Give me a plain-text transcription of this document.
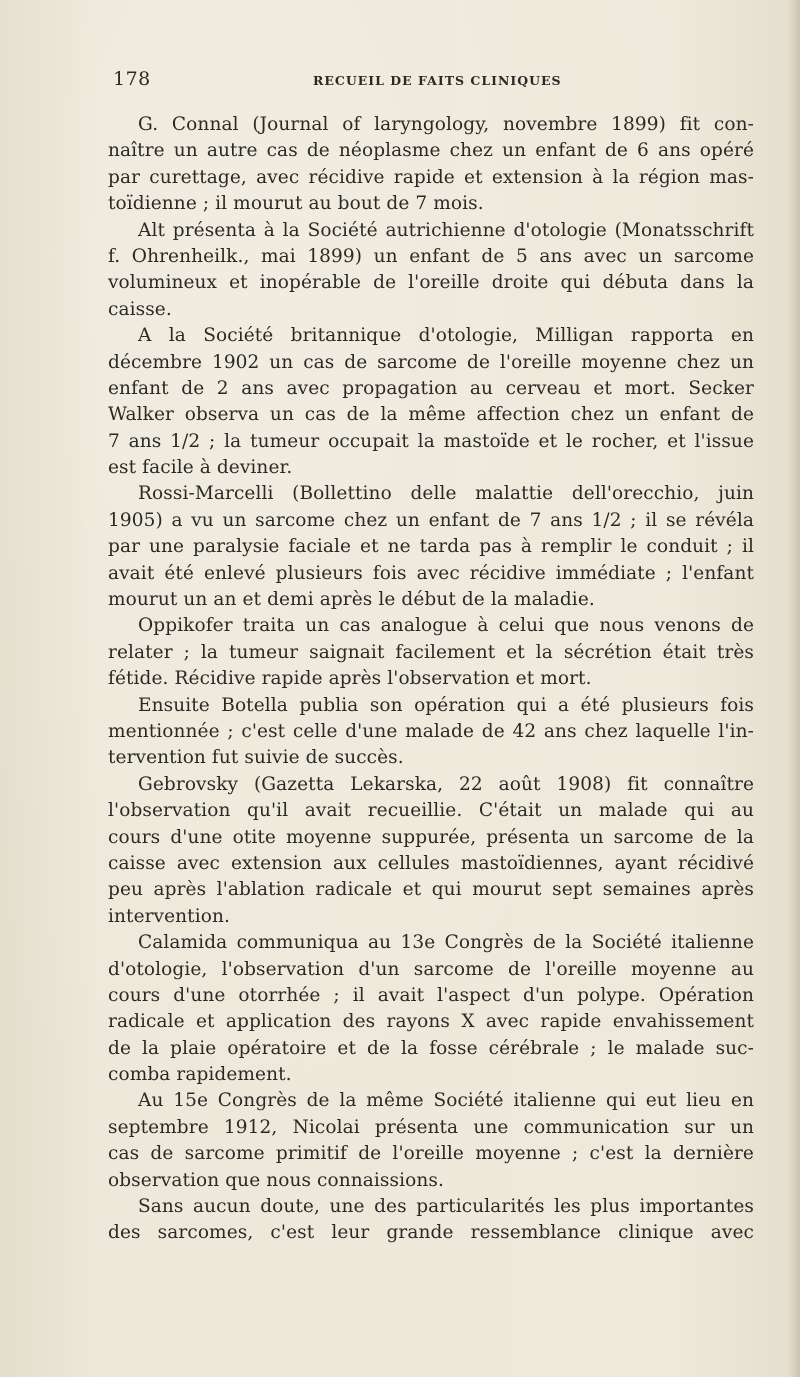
178	RECUEIL DE FAITS CLINIQUES
G. Connal (Journal of laryngology, novembre 1899) fit con-
naître un autre cas de néoplasme chez un enfant de 6 ans opéré
par curettage, avec récidive rapide et extension à la région mas-
toïdienne ; il mourut au bout de 7 mois.
Alt présenta à la Société autrichienne d'otologie (Monatsschrift
f. Ohrenheilk., mai 1899) un enfant de 5 ans avec un sarcome
volumineux et inopérable de l'oreille droite qui débuta dans la
caisse.
A la Société britannique d'otologie, Milligan rapporta en
décembre 1902 un cas de sarcome de l'oreille moyenne chez un
enfant de 2 ans avec propagation au cerveau et mort. Secker
Walker observa un cas de la même affection chez un enfant de
7 ans 1/2 ; la tumeur occupait la mastoïde et le rocher, et l'issue
est facile à deviner.
Rossi-Marcelli (Bollettino delle malattie dell'orecchio, juin
1905) a vu un sarcome chez un enfant de 7 ans 1/2 ; il se révéla
par une paralysie faciale et ne tarda pas à remplir le conduit ; il
avait été enlevé plusieurs fois avec récidive immédiate ; l'enfant
mourut un an et demi après le début de la maladie.
Oppikofer traita un cas analogue à celui que nous venons de
relater ; la tumeur saignait facilement et la sécrétion était très
fétide. Récidive rapide après l'observation et mort.
Ensuite Botella publia son opération qui a été plusieurs fois
mentionnée ; c'est celle d'une malade de 42 ans chez laquelle l'in-
tervention fut suivie de succès.
Gebrovsky (Gazetta Lekarska, 22 août 1908) fit connaître
l'observation qu'il avait recueillie. C'était un malade qui au
cours d'une otite moyenne suppurée, présenta un sarcome de la
caisse avec extension aux cellules mastoïdiennes, ayant récidivé
peu après l'ablation radicale et qui mourut sept semaines après
intervention.
Calamida communiqua au 13e Congrès de la Société italienne
d'otologie, l'observation d'un sarcome de l'oreille moyenne au
cours d'une otorrhée ; il avait l'aspect d'un polype. Opération
radicale et application des rayons X avec rapide envahissement
de la plaie opératoire et de la fosse cérébrale ; le malade suc-
comba rapidement.
Au 15e Congrès de la même Société italienne qui eut lieu en
septembre 1912, Nicolai présenta une communication sur un
cas de sarcome primitif de l'oreille moyenne ; c'est la dernière
observation que nous connaissions.
Sans aucun doute, une des particularités les plus importantes
des sarcomes, c'est leur grande ressemblance clinique avec
